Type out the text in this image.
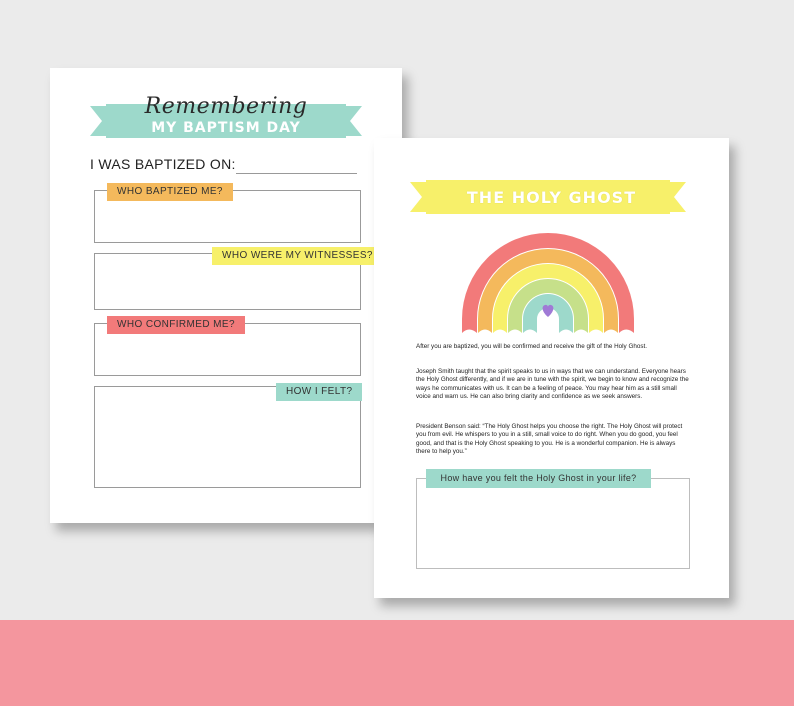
Remembering
MY BAPTISM DAY
I WAS BAPTIZED ON:
WHO BAPTIZED ME?
WHO WERE MY WITNESSES?
WHO CONFIRMED ME?
HOW I FELT?
THE HOLY GHOST
After you are baptized, you will be confirmed and receive the gift of the Holy Ghost.
Joseph Smith taught that the spirit speaks to us in ways that we can understand. Everyone hears the Holy Ghost differently, and if we are in tune with the spirit, we begin to know and recognize the ways he communicates with us. It can be a feeling of peace. You may hear him as a still small voice and warn us. He can also bring clarity and confidence as we seek answers.
President Benson said: “The Holy Ghost helps you choose the right. The Holy Ghost will protect you from evil. He whispers to you in a still, small voice to do right. When you do good, you feel good, and that is the Holy Ghost speaking to you. He is a wonderful companion. He is always there to help you.”
How have you felt the Holy Ghost in your life?
